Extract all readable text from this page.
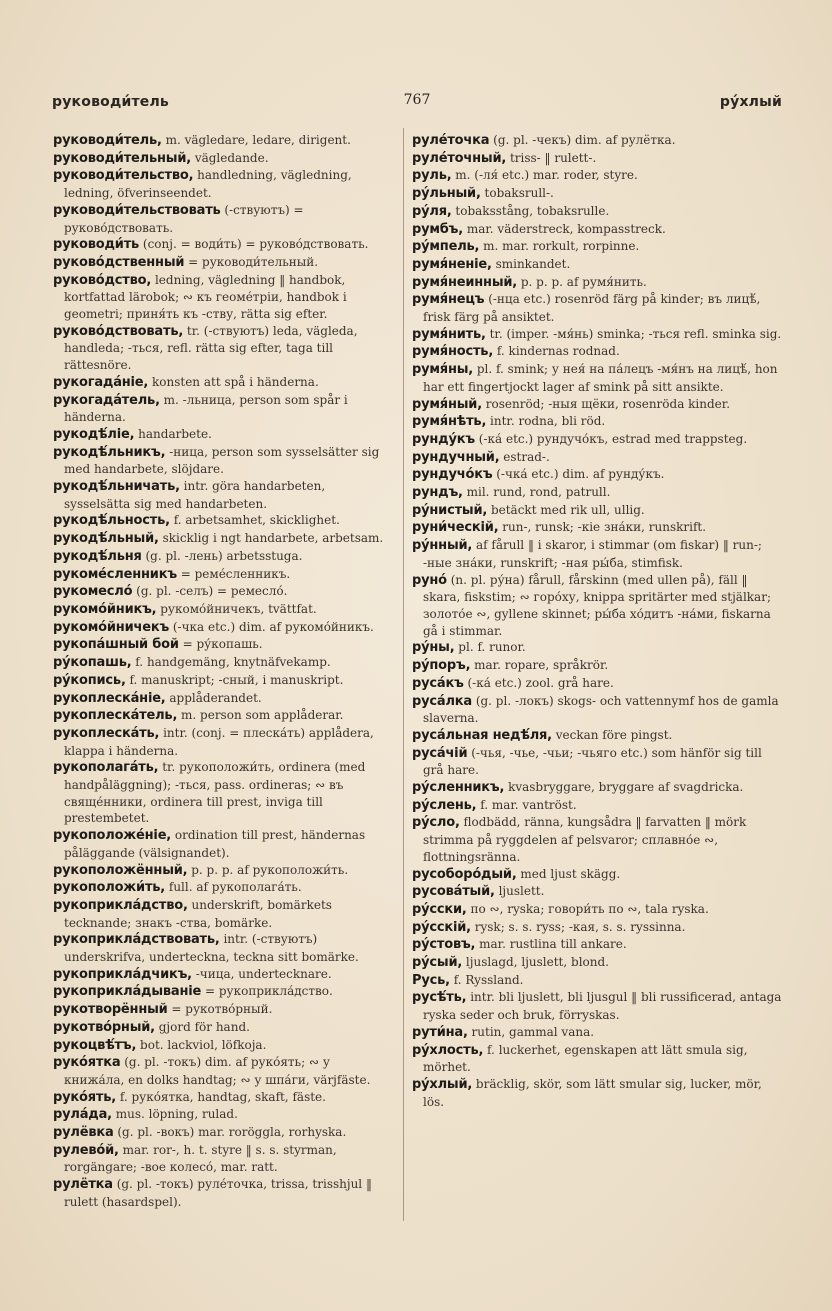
руководи́тель	767	ру́хлый

руководи́тель, m. vägledare, ledare, dirigent.

руководи́тельный, vägledande.

руководи́тельство, handledning, vägledning, ledning, öfverinseendet.

руководи́тельствовать (-ствуютъ) = руково́дствовать.

руководи́ть (conj. = води́ть) = руково́дствовать.

руково́дственный = руководи́тельный.

руково́дство, ledning, vägledning ‖ handbok, kortfattad lärobok; ∾ къ геоме́тріи, handbok i geometri; приня́ть къ -ству, rätta sig efter.

руково́дствовать, tr. (-ствуютъ) leda, vägleda, handleda; -ться, refl. rätta sig efter, taga till rättesnöre.

рукогада́ніе, konsten att spå i händerna.

рукогада́тель, m. -льница, person som spår i händerna.

рукодѣ́ліе, handarbete.

рукодѣ́льникъ, -ница, person som sysselsätter sig med handarbete, slöjdare.

рукодѣ́льничать, intr. göra handarbeten, sysselsätta sig med handarbeten.

рукодѣ́льность, f. arbetsamhet, skicklighet.

рукодѣ́льный, skicklig i ngt handarbete, arbetsam.

рукодѣ́льня (g. pl. -лень) arbetsstuga.

рукоме́сленникъ = реме́сленникъ.

рукомесло́ (g. pl. -селъ) = ремесло́.

рукомо́йникъ, рукомо́йничекъ, tvättfat.

рукомо́йничекъ (-чка etc.) dim. af рукомо́йникъ.

рукопа́шный бой = ру́копашь.

ру́копашь, f. handgemäng, knytnäfvekamp.

ру́копись, f. manuskript; -сный, i manuskript.

рукоплеска́ніе, applåderandet.

рукоплеска́тель, m. person som applåderar.

рукоплеска́ть, intr. (conj. = плеска́ть) applådera, klappa i händerna.

рукополага́ть, tr. рукоположи́ть, ordinera (med handpåläggning); -ться, pass. ordineras; ∾ въ свяще́нники, ordinera till prest, inviga till prestembetet.

рукоположе́ніе, ordination till prest, händernas påläggande (välsignandet).

рукоположённый, p. p. p. af рукоположи́ть.

рукоположи́ть, full. af рукополага́ть.

рукоприкла́дство, underskrift, bomärkets tecknande; знакъ -ства, bomärke.

рукоприкла́дствовать, intr. (-ствуютъ) underskrifva, underteckna, teckna sitt bomärke.

рукоприкла́дчикъ, -чица, undertecknare.

рукоприкла́дываніе = рукоприкла́дство.

рукотворённый = рукотво́рный.

рукотво́рный, gjord för hand.

рукоцвѣ́тъ, bot. lackviol, löfkoja.

руко́ятка (g. pl. -токъ) dim. af руко́ять; ∾ у книжа́ла, en dolks handtag; ∾ у шпа́ги, värjfäste.

руко́ять, f. руко́ятка, handtag, skaft, fäste.

рула́да, mus. löpning, rulad.

рулёвка (g. pl. -вокъ) mar. roröggla, rorhyska.

рулево́й, mar. ror-, h. t. styre ‖ s. s. styrman, rorgängare; -вое колесо́, mar. ratt.

рулётка (g. pl. -токъ) руле́точка, trissa, trisshjul ‖ rulett (hasardspel).

руле́точка (g. pl. -чекъ) dim. af рулётка.

руле́точный, triss- ‖ rulett-.

руль, m. (-ля́ etc.) mar. roder, styre.

ру́льный, tobaksrull-.

ру́ля, tobaksstång, tobaksrulle.

румбъ, mar. väderstreck, kompasstreck.

ру́мпель, m. mar. rorkult, rorpinne.

румя́неніе, sminkandet.

румя́неинный, p. p. p. af румя́нить.

румя́нецъ (-нца etc.) rosenröd färg på kinder; въ лицѣ́, frisk färg på ansiktet.

румя́нить, tr. (imper. -мя́нь) sminka; -ться refl. sminka sig.

румя́ность, f. kindernas rodnad.

румя́ны, pl. f. smink; у нея́ на па́лецъ -мя́нъ на лицѣ́, hon har ett fingertjockt lager af smink på sitt ansikte.

румя́ный, rosenröd; -ныя щёки, rosenröda kinder.

румя́нѣть, intr. rodna, bli röd.

рунду́къ (-ка́ etc.) рундучо́къ, estrad med trappsteg.

рундучный, estrad-.

рундучо́къ (-чка́ etc.) dim. af рунду́къ.

рундъ, mil. rund, rond, patrull.

ру́нистый, betäckt med rik ull, ullig.

руни́ческій, run-, runsk; -кіе зна́ки, runskrift.

ру́нный, af fårull ‖ i skaror, i stimmar (om fiskar) ‖ run-; -ные зна́ки, runskrift; -ная ры́ба, stimfisk.

руно́ (n. pl. ру́на) fårull, fårskinn (med ullen på), fäll ‖ skara, fiskstim; ∾ горо́ху, knippa spritärter med stjälkar; золото́е ∾, gyllene skinnet; ры́ба хо́дитъ -на́ми, fiskarna gå i stimmar.

ру́ны, pl. f. runor.

ру́поръ, mar. ropare, språkrör.

руса́къ (-ка́ etc.) zool. grå hare.

руса́лка (g. pl. -локъ) skogs- och vattennymf hos de gamla slaverna.

руса́льная недѣ́ля, veckan före pingst.

руса́чій (-чья, -чье, -чьи; -чьяго etc.) som hänför sig till grå hare.

ру́сленникъ, kvasbryggare, bryggare af svagdricka.

ру́слень, f. mar. vantröst.

ру́сло, flodbädd, ränna, kungsådra ‖ farvatten ‖ mörk strimma på ryggdelen af pelsvaror; сплавно́е ∾, flottningsränna.

русоборо́дый, med ljust skägg.

русова́тый, ljuslett.

ру́сски, по ∾, ryska; говори́ть по ∾, tala ryska.

ру́сскій, rysk; s. s. ryss; -кая, s. s. ryssinna.

ру́стовъ, mar. rustlina till ankare.

ру́сый, ljuslagd, ljuslett, blond.

Русь, f. Ryssland.

русѣ́ть, intr. bli ljuslett, bli ljusgul ‖ bli russificerad, antaga ryska seder och bruk, förryskas.

рути́на, rutin, gammal vana.

ру́хлость, f. luckerhet, egenskapen att lätt smula sig, mörhet.

ру́хлый, bräcklig, skör, som lätt smular sig, lucker, mör, lös.
